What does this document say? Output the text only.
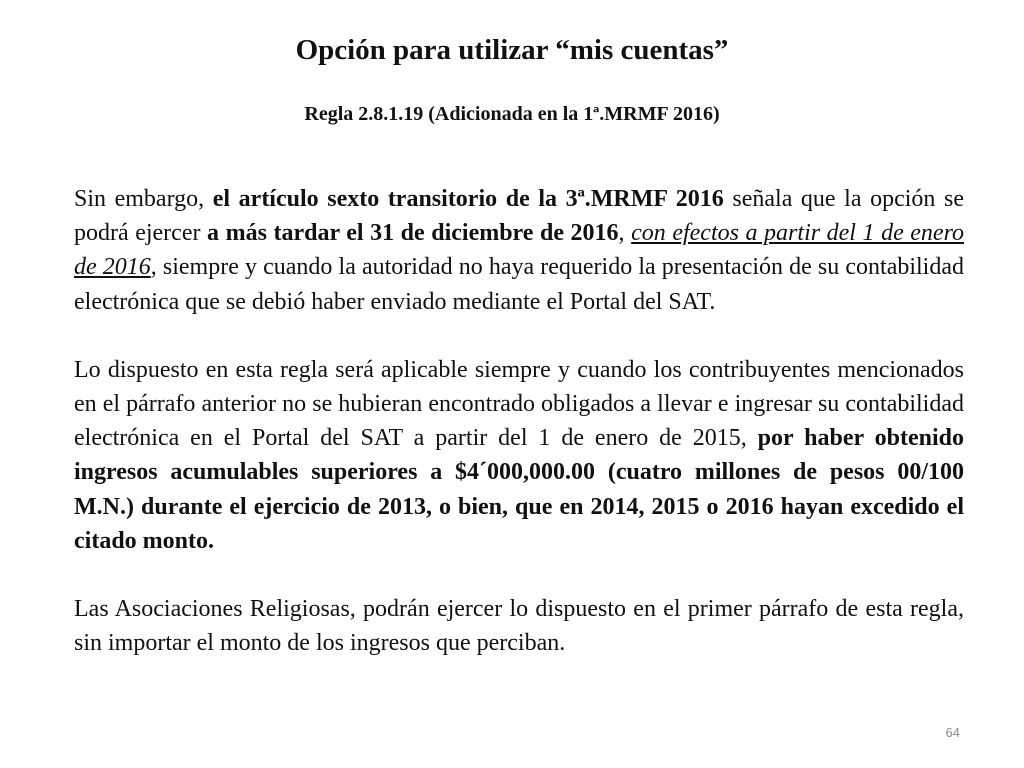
Opción para utilizar “mis cuentas”
Regla 2.8.1.19 (Adicionada en la 1ª.MRMF 2016)

Sin embargo, el artículo sexto transitorio de la 3ª.MRMF 2016 señala que la opción se podrá ejercer a más tardar el 31 de diciembre de 2016, con efectos a partir del 1 de enero de 2016, siempre y cuando la autoridad no haya requerido la presentación de su contabilidad electrónica que se debió haber enviado mediante el Portal del SAT.

Lo dispuesto en esta regla será aplicable siempre y cuando los contribuyentes mencionados en el párrafo anterior no se hubieran encontrado obligados a llevar e ingresar su contabilidad electrónica en el Portal del SAT a partir del 1 de enero de 2015, por haber obtenido ingresos acumulables superiores a $4´000,000.00 (cuatro millones de pesos 00/100 M.N.) durante el ejercicio de 2013, o bien, que en 2014, 2015 o 2016 hayan excedido el citado monto.

Las Asociaciones Religiosas, podrán ejercer lo dispuesto en el primer párrafo de esta regla, sin importar el monto de los ingresos que perciban.

64
